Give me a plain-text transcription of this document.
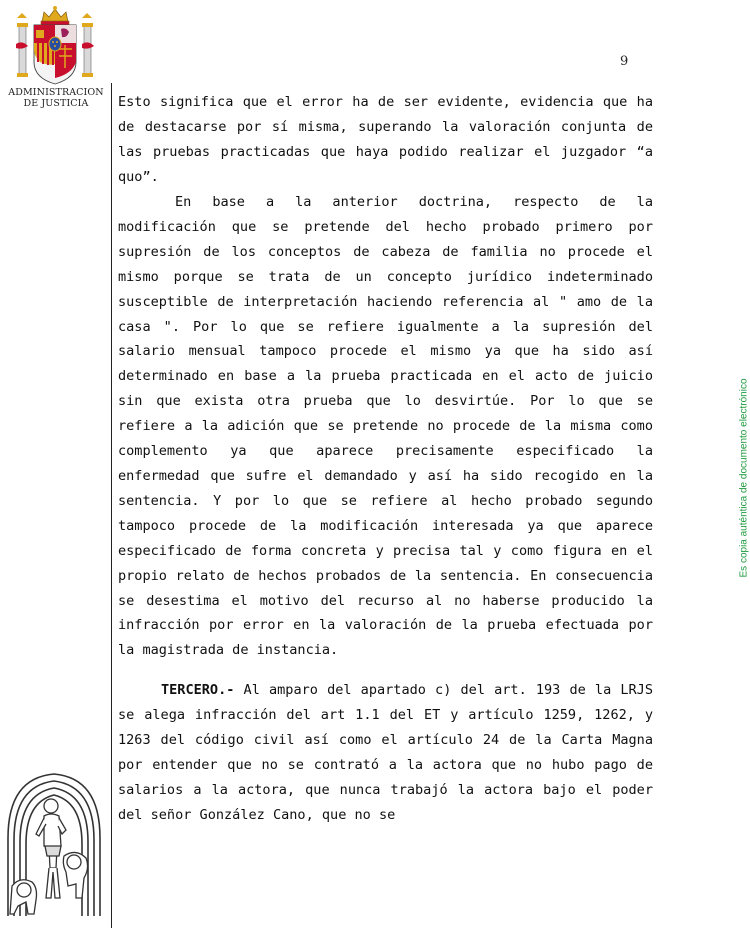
ADMINISTRACION
DE JUSTICIA
9
Es copia auténtica de documento electrónico

Esto significa que el error ha de ser evidente, evidencia que ha de destacarse por sí misma, superando la valoración conjunta de las pruebas practicadas que haya podido realizar el juzgador “a quo”.

En base a la anterior doctrina, respecto de la modificación que se pretende del hecho probado primero por supresión de los conceptos de cabeza de familia no procede el mismo porque se trata de un concepto jurídico indeterminado susceptible de interpretación haciendo referencia al " amo de la casa ". Por lo que se refiere igualmente a la supresión del salario mensual tampoco procede el mismo ya que ha sido así determinado en base a la prueba practicada en el acto de juicio sin que exista otra prueba que lo desvirtúe. Por lo que se refiere a la adición que se pretende no procede de la misma como complemento ya que aparece precisamente especificado la enfermedad que sufre el demandado y así ha sido recogido en la sentencia. Y por lo que se refiere al hecho probado segundo tampoco procede de la modificación interesada ya que aparece especificado de forma concreta y precisa tal y como figura en el propio relato de hechos probados de la sentencia. En consecuencia se desestima el motivo del recurso al no haberse producido la infracción por error en la valoración de la prueba efectuada por la magistrada de instancia.

TERCERO.- Al amparo del apartado c) del art. 193 de la LRJS se alega infracción del art 1.1 del ET y artículo 1259, 1262, y 1263 del código civil así como el artículo 24 de la Carta Magna por entender que no se contrató a la actora que no hubo pago de salarios a la actora, que nunca trabajó la actora bajo el poder del señor González Cano, que no se
